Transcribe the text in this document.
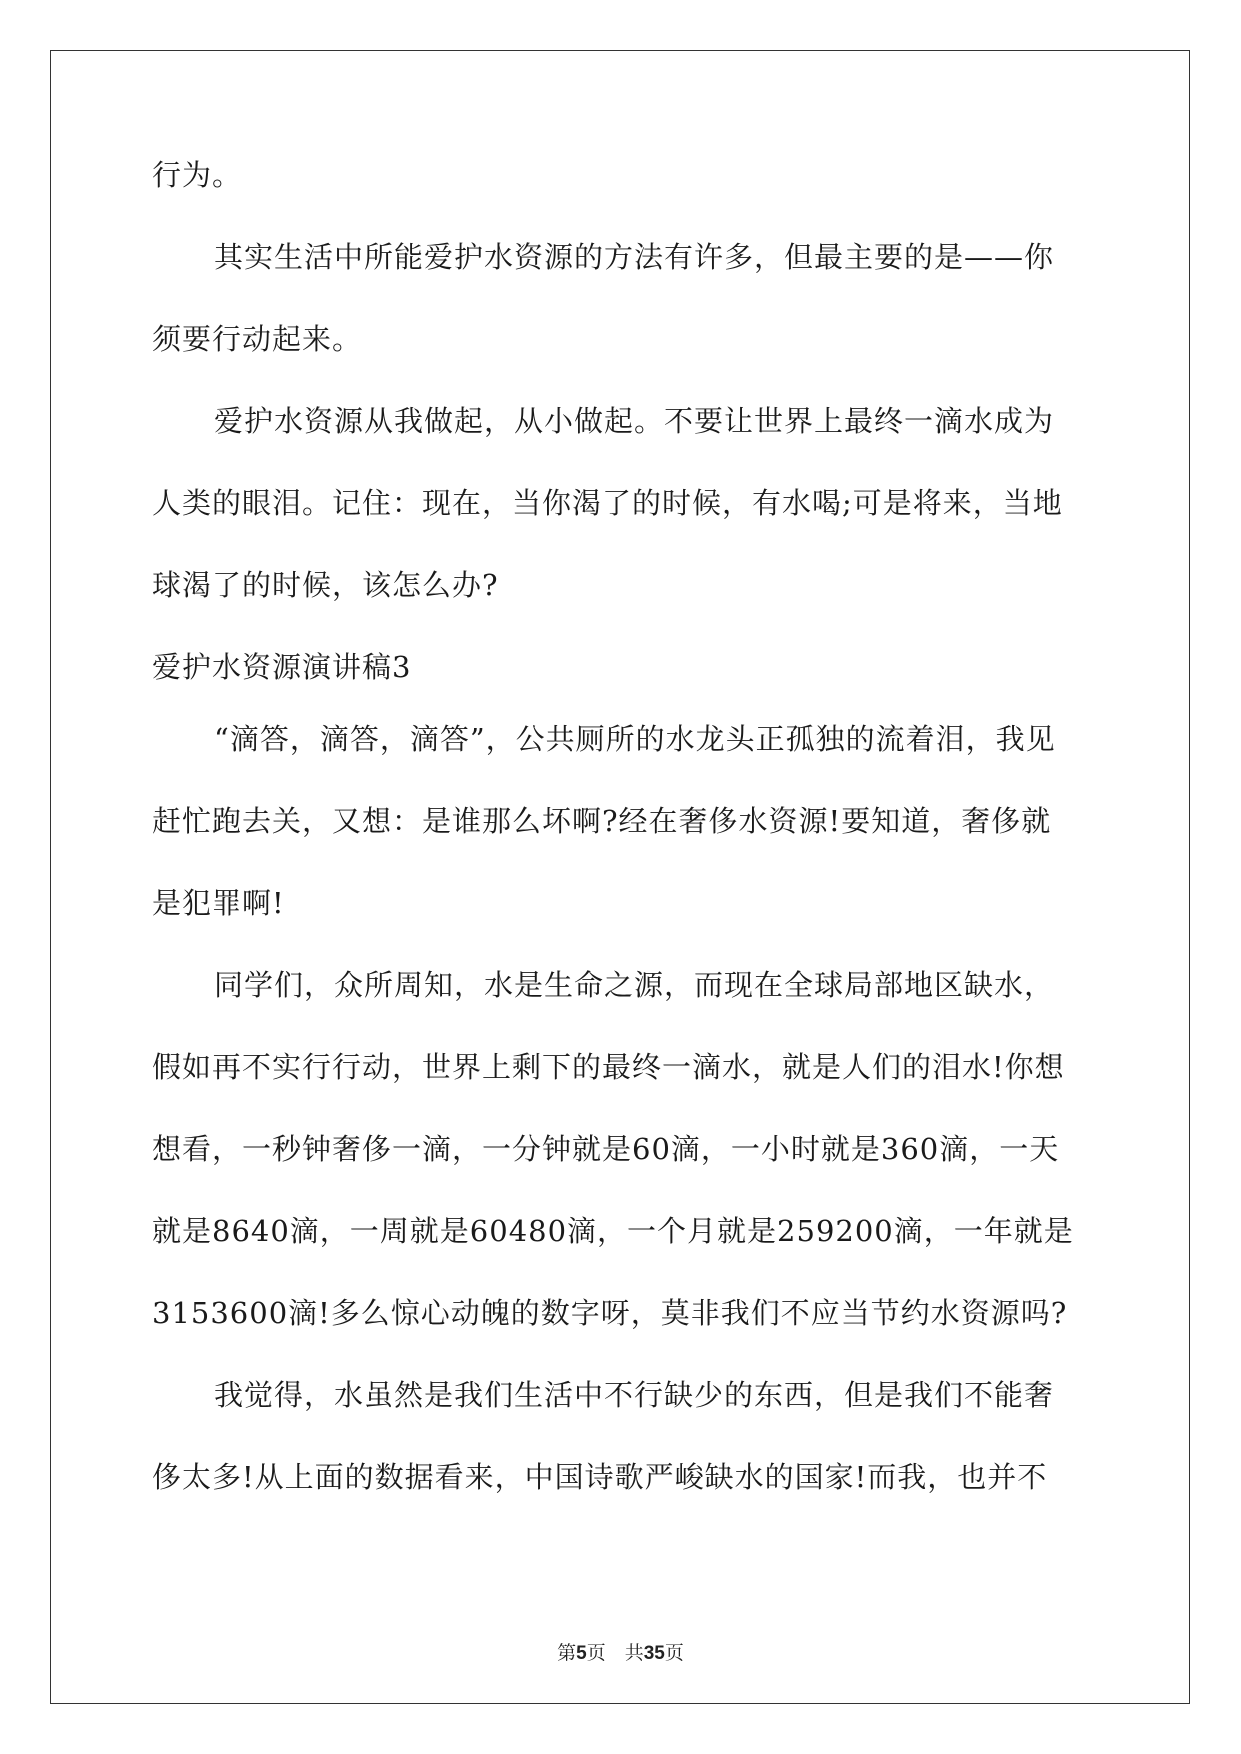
行为。
其实生活中所能爱护水资源的方法有许多，但最主要的是——你
须要行动起来。
爱护水资源从我做起，从小做起。不要让世界上最终一滴水成为
人类的眼泪。记住：现在，当你渴了的时候，有水喝;可是将来，当地
球渴了的时候，该怎么办?
爱护水资源演讲稿3
“滴答，滴答，滴答”，公共厕所的水龙头正孤独的流着泪，我见
赶忙跑去关，又想：是谁那么坏啊?经在奢侈水资源!要知道，奢侈就
是犯罪啊!
同学们，众所周知，水是生命之源，而现在全球局部地区缺水，
假如再不实行行动，世界上剩下的最终一滴水，就是人们的泪水!你想
想看，一秒钟奢侈一滴，一分钟就是60滴，一小时就是360滴，一天
就是8640滴，一周就是60480滴，一个月就是259200滴，一年就是
3153600滴!多么惊心动魄的数字呀，莫非我们不应当节约水资源吗?
我觉得，水虽然是我们生活中不行缺少的东西，但是我们不能奢
侈太多!从上面的数据看来，中国诗歌严峻缺水的国家!而我，也并不
第5页　共35页
